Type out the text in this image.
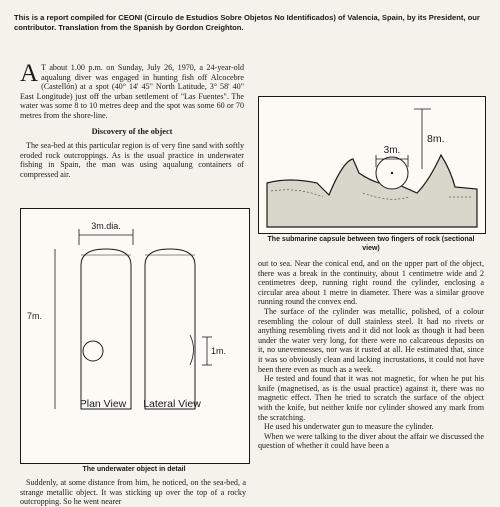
This is a report compiled for CEONI (Circulo de Estudios Sobre Objetos No Identificados) of Valencia, Spain, by its President, our contributor. Translation from the Spanish by Gordon Creighton.

A T about 1.00 p.m. on Sunday, July 26, 1970, a 24-year-old aqualung diver was engaged in hunting fish off Alcocebre (Castellón) at a spot (40° 14' 45" North Latitude, 3° 58' 40" East Longitude) just off the urban settlement of "Las Fuentes". The water was some 8 to 10 metres deep and the spot was some 60 or 70 metres from the shore-line.

Discovery of the object

The sea-bed at this particular region is of very fine sand with softly eroded rock outcroppings. As is the usual practice in underwater fishing in Spain, the man was using aqualung containers of compressed air.

3m.dia.
7m.
1m.
Plan View Lateral View
The underwater object in detail

Suddenly, at some distance from him, he noticed, on the sea-bed, a strange metallic object. It was sticking up over the top of a rocky outcropping. So he went nearer

3m.
8m.
The submarine capsule between two fingers of rock (sectional view)

out to sea. Near the conical end, and on the upper part of the object, there was a break in the continuity, about 1 centimetre wide and 2 centimetres deep, running right round the cylinder, enclosing a circular area about 1 metre in diameter. There was a similar groove running round the convex end.

The surface of the cylinder was metallic, polished, of a colour resembling the colour of dull stainless steel. It had no rivets or anything resembling rivets and it did not look as though it had been under the water very long, for there were no calcareous deposits on it, no unevennesses, nor was it rusted at all. He estimated that, since it was so obviously clean and lacking incrustations, it could not have been there even as much as a week.

He tested and found that it was not magnetic, for when he put his knife (magnetised, as is the usual practice) against it, there was no magnetic effect. Then he tried to scratch the surface of the object with the knife, but neither knife nor cylinder showed any mark from the scratching.

He used his underwater gun to measure the cylinder.

When we were talking to the diver about the affair we discussed the question of whether it could have been a
